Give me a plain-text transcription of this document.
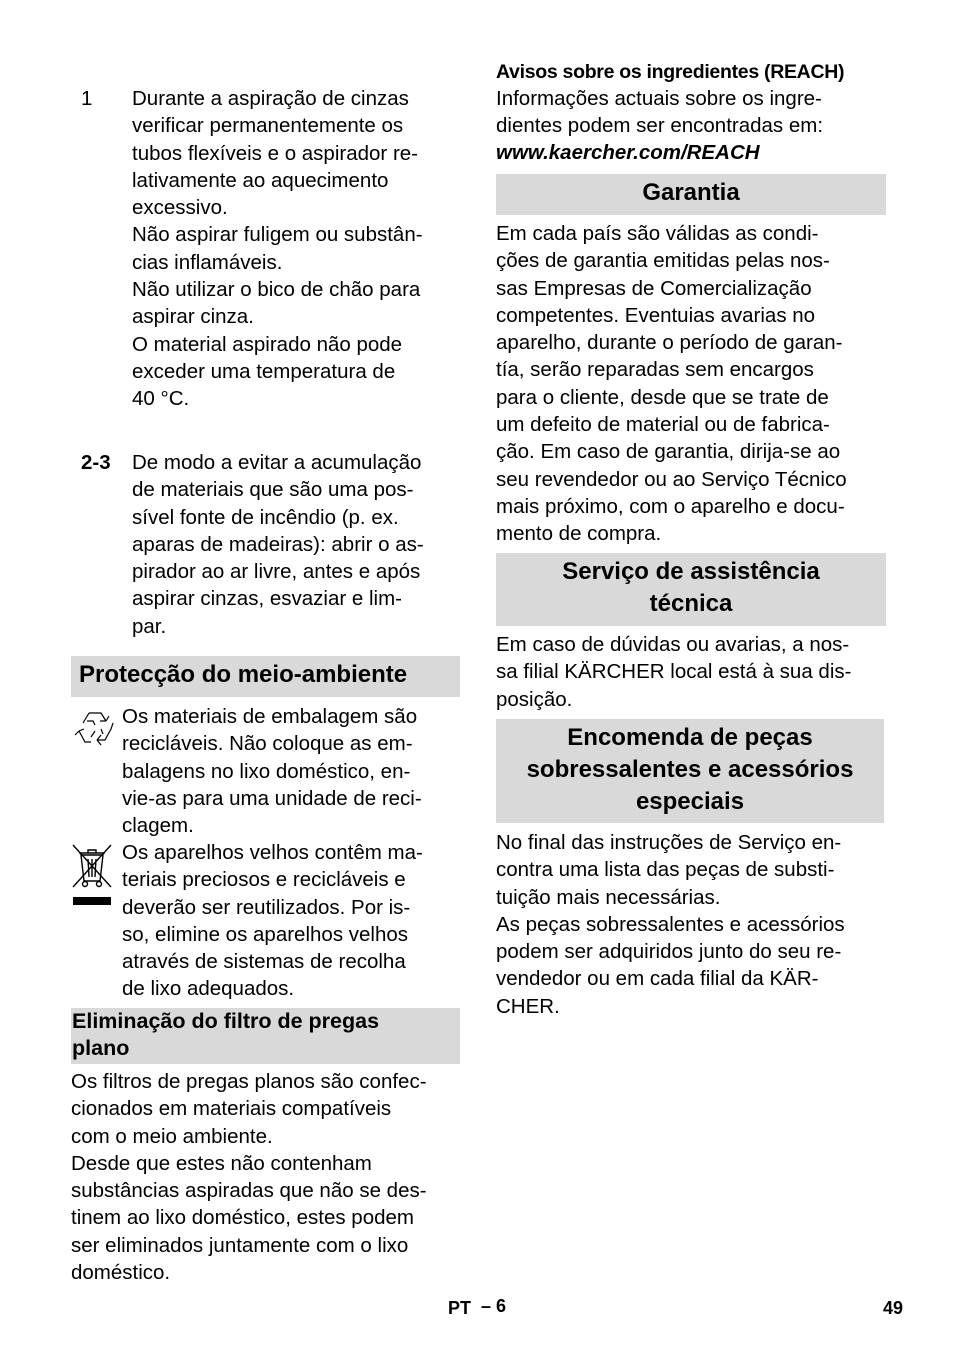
1 Durante a aspiração de cinzas
verificar permanentemente os
tubos flexíveis e o aspirador re-
lativamente ao aquecimento
excessivo.
Não aspirar fuligem ou substân-
cias inflamáveis.
Não utilizar o bico de chão para
aspirar cinza.
O material aspirado não pode
exceder uma temperatura de
40 °C.
2-3 De modo a evitar a acumulação
de materiais que são uma pos-
sível fonte de incêndio (p. ex.
aparas de madeiras): abrir o as-
pirador ao ar livre, antes e após
aspirar cinzas, esvaziar e lim-
par.
Protecção do meio-ambiente
Os materiais de embalagem são
recicláveis. Não coloque as em-
balagens no lixo doméstico, en-
vie-as para uma unidade de reci-
clagem.
Os aparelhos velhos contêm ma-
teriais preciosos e recicláveis e
deverão ser reutilizados. Por is-
so, elimine os aparelhos velhos
através de sistemas de recolha
de lixo adequados.
Eliminação do filtro de pregas
plano
Os filtros de pregas planos são confec-
cionados em materiais compatíveis
com o meio ambiente.
Desde que estes não contenham
substâncias aspiradas que não se des-
tinem ao lixo doméstico, estes podem
ser eliminados juntamente com o lixo
doméstico.
Avisos sobre os ingredientes (REACH)
Informações actuais sobre os ingre-
dientes podem ser encontradas em:
www.kaercher.com/REACH
Garantia
Em cada país são válidas as condi-
ções de garantia emitidas pelas nos-
sas Empresas de Comercialização
competentes. Eventuias avarias no
aparelho, durante o período de garan-
tía, serão reparadas sem encargos
para o cliente, desde que se trate de
um defeito de material ou de fabrica-
ção. Em caso de garantia, dirija-se ao
seu revendedor ou ao Serviço Técnico
mais próximo, com o aparelho e docu-
mento de compra.
Serviço de assistência
técnica
Em caso de dúvidas ou avarias, a nos-
sa filial KÄRCHER local está à sua dis-
posição.
Encomenda de peças
sobressalentes e acessórios
especiais
No final das instruções de Serviço en-
contra uma lista das peças de substi-
tuição mais necessárias.
As peças sobressalentes e acessórios
podem ser adquiridos junto do seu re-
vendedor ou em cada filial da KÄR-
CHER.
PT – 6	49
